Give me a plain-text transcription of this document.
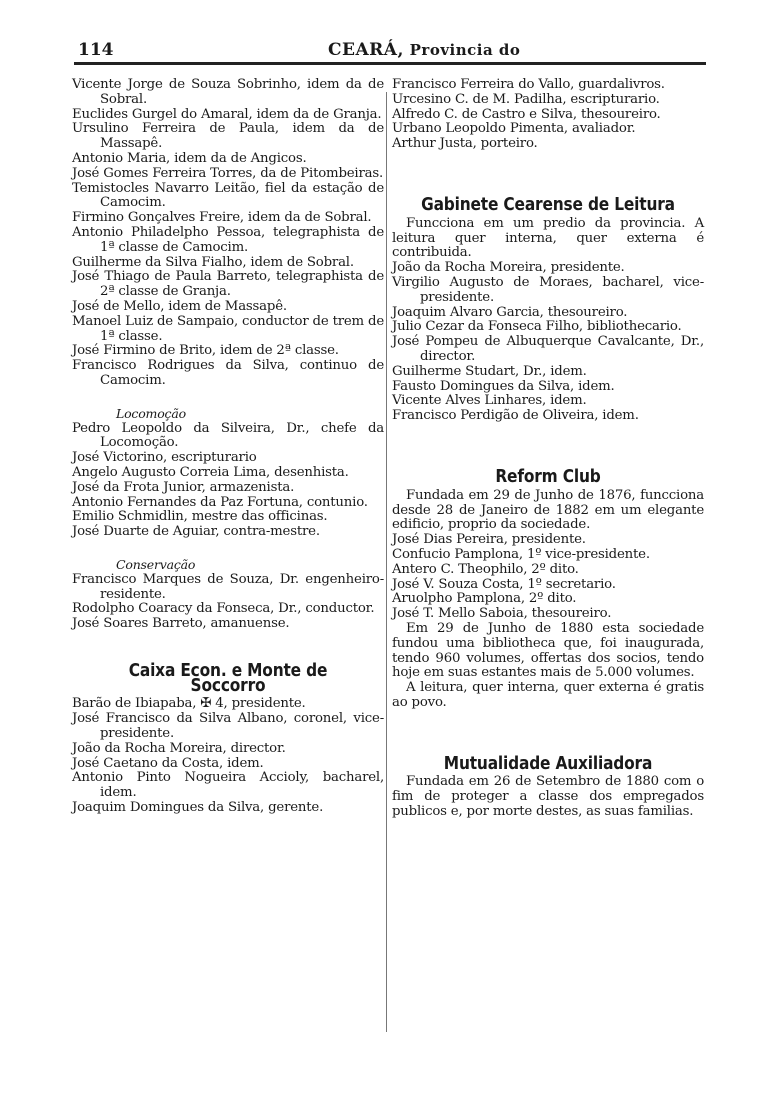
114	CEARÁ, Provincia do

Vicente Jorge de Souza Sobrinho, idem da de Sobral.

Euclides Gurgel do Amaral, idem da de Granja.

Ursulino Ferreira de Paula, idem da de Massapê.

Antonio Maria, idem da de Angicos.

José Gomes Ferreira Torres, da de Pitombeiras.

Temistocles Navarro Leitão, fiel da estação de Camocim.

Firmino Gonçalves Freire, idem da de Sobral.

Antonio Philadelpho Pessoa, telegraphista de 1ª classe de Camocim.

Guilherme da Silva Fialho, idem de Sobral.

José Thiago de Paula Barreto, telegraphista de 2ª classe de Granja.

José de Mello, idem de Massapê.

Manoel Luiz de Sampaio, conductor de trem de 1ª classe.

José Firmino de Brito, idem de 2ª classe.

Francisco Rodrigues da Silva, continuo de Camocim.

Locomoção

Pedro Leopoldo da Silveira, Dr., chefe da Locomoção.

José Victorino, escripturario

Angelo Augusto Correia Lima, desenhista.

José da Frota Junior, armazenista.

Antonio Fernandes da Paz Fortuna, contunio.

Emilio Schmidlin, mestre das officinas.

José Duarte de Aguiar, contra-mestre.

Conservação

Francisco Marques de Souza, Dr. engenheiro-residente.

Rodolpho Coaracy da Fonseca, Dr., conductor.

José Soares Barreto, amanuense.

Caixa Econ. e Monte de Soccorro

Barão de Ibiapaba, ✠ 4, presidente.

José Francisco da Silva Albano, coronel, vice-presidente.

João da Rocha Moreira, director.

José Caetano da Costa, idem.

Antonio Pinto Nogueira Accioly, bacharel, idem.

Joaquim Domingues da Silva, gerente.

Francisco Ferreira do Vallo, guardalivros.

Urcesino C. de M. Padilha, escripturario.

Alfredo C. de Castro e Silva, thesoureiro.

Urbano Leopoldo Pimenta, avaliador.

Arthur Justa, porteiro.

Gabinete Cearense de Leitura

Funcciona em um predio da provincia. A leitura quer interna, quer externa é contribuida.

João da Rocha Moreira, presidente.

Virgilio Augusto de Moraes, bacharel, vice-presidente.

Joaquim Alvaro Garcia, thesoureiro.

Julio Cezar da Fonseca Filho, bibliothecario.

José Pompeu de Albuquerque Cavalcante, Dr., director.

Guilherme Studart, Dr., idem.

Fausto Domingues da Silva, idem.

Vicente Alves Linhares, idem.

Francisco Perdigão de Oliveira, idem.

Reform Club

Fundada em 29 de Junho de 1876, funcciona desde 28 de Janeiro de 1882 em um elegante edificio, proprio da sociedade.

José Dias Pereira, presidente.

Confucio Pamplona, 1º vice-presidente.

Antero C. Theophilo, 2º dito.

José V. Souza Costa, 1º secretario.

Aruolpho Pamplona, 2º dito.

José T. Mello Saboia, thesoureiro.

Em 29 de Junho de 1880 esta sociedade fundou uma bibliotheca que, foi inaugurada, tendo 960 volumes, offertas dos socios, tendo hoje em suas estantes mais de 5.000 volumes.

A leitura, quer interna, quer externa é gratis ao povo.

Mutualidade Auxiliadora

Fundada em 26 de Setembro de 1880 com o fim de proteger a classe dos empregados publicos e, por morte destes, as suas familias.
